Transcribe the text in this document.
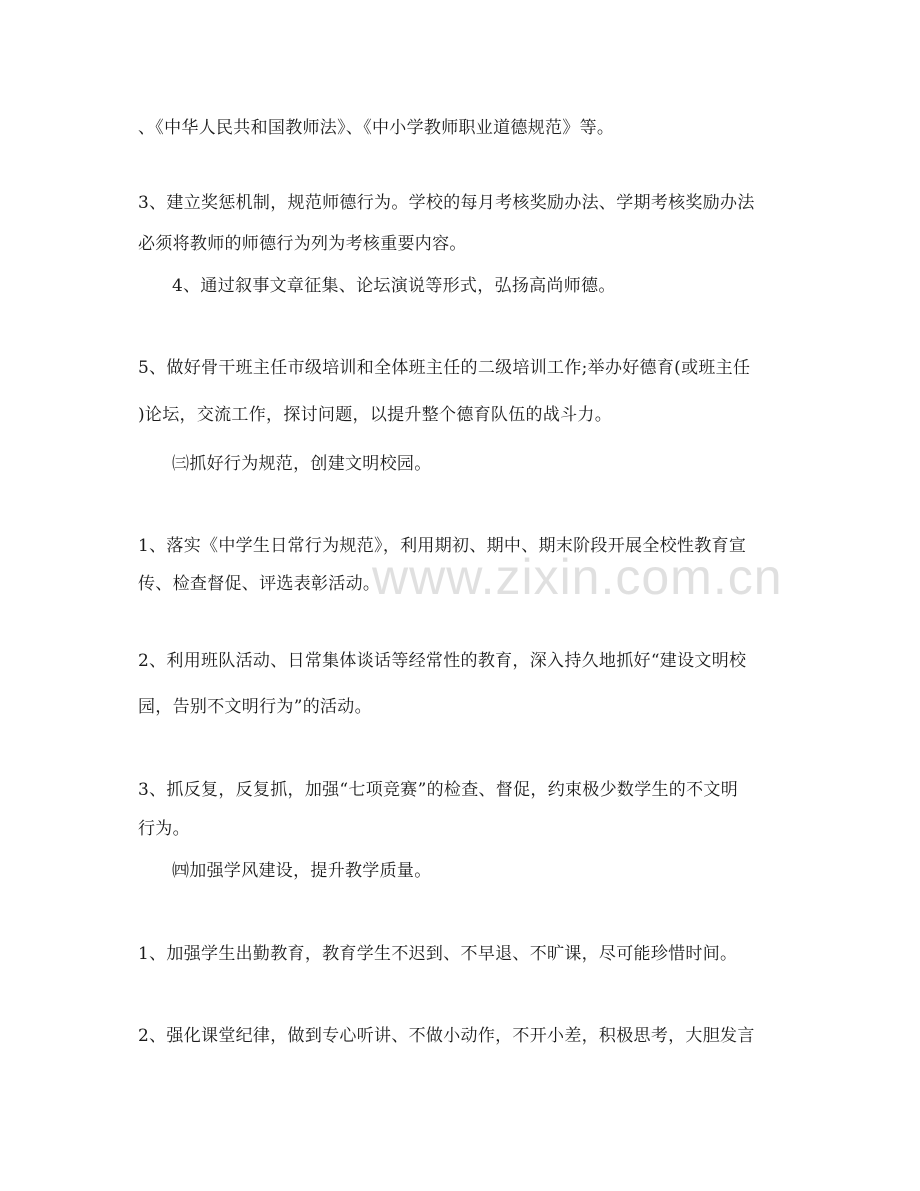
www.zixin.com.cn
、《中华人民共和国教师法》、《中小学教师职业道德规范》等。
3、建立奖惩机制，规范师德行为。学校的每月考核奖励办法、学期考核奖励办法
必须将教师的师德行为列为考核重要内容。
4、通过叙事文章征集、论坛演说等形式，弘扬高尚师德。
5、做好骨干班主任市级培训和全体班主任的二级培训工作;举办好德育(或班主任
)论坛，交流工作，探讨问题，以提升整个德育队伍的战斗力。
㈢抓好行为规范，创建文明校园。
1、落实《中学生日常行为规范》，利用期初、期中、期末阶段开展全校性教育宣
传、检查督促、评选表彰活动。
2、利用班队活动、日常集体谈话等经常性的教育，深入持久地抓好“建设文明校
园，告别不文明行为”的活动。
3、抓反复，反复抓，加强“七项竞赛”的检查、督促，约束极少数学生的不文明
行为。
㈣加强学风建设，提升教学质量。
1、加强学生出勤教育，教育学生不迟到、不早退、不旷课，尽可能珍惜时间。
2、强化课堂纪律，做到专心听讲、不做小动作，不开小差，积极思考，大胆发言
